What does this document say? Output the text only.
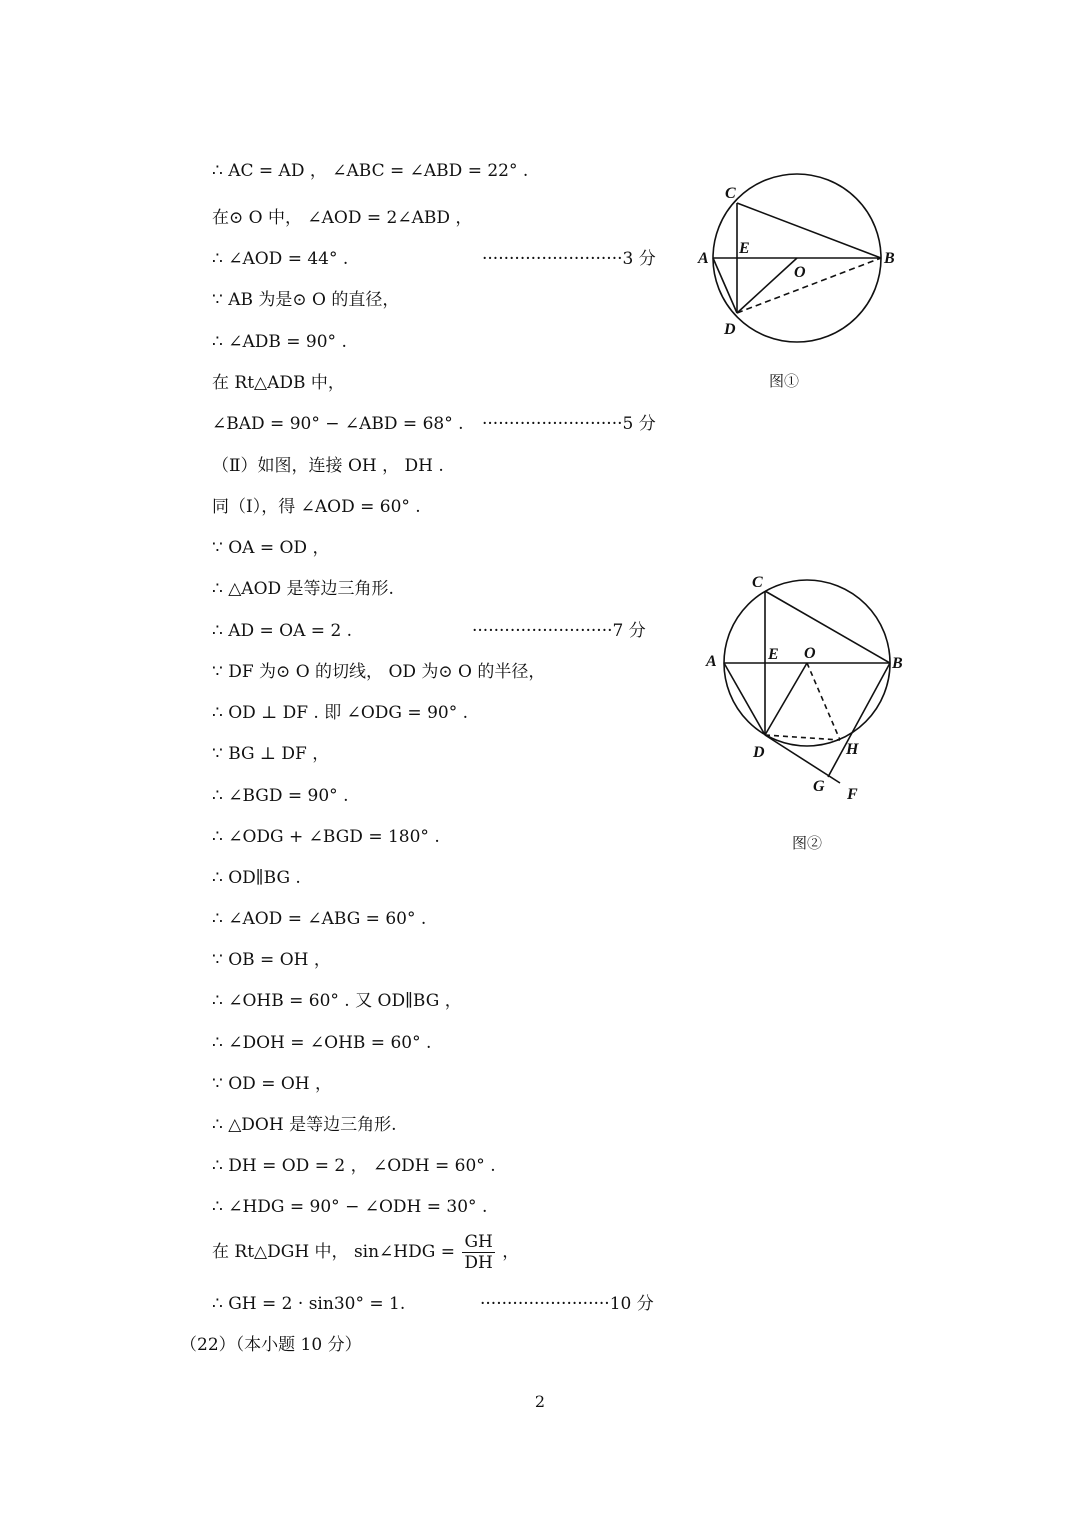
∴ AC = AD ， ∠ABC = ∠ABD = 22° .
在⊙ O 中， ∠AOD = 2∠ABD ，
∴ ∠AOD = 44° .
∵ AB 为是⊙ O 的直径，
∴ ∠ADB = 90° .
在 Rt△ADB 中，
∠BAD = 90° − ∠ABD = 68° .
（Ⅱ）如图，连接 OH ， DH .
同（Ⅰ），得 ∠AOD = 60° .
∵ OA = OD ，
∴ △AOD 是等边三角形.
∴ AD = OA = 2 .
∵ DF 为⊙ O 的切线， OD 为⊙ O 的半径，
∴ OD ⊥ DF . 即 ∠ODG = 90° .
∵ BG ⊥ DF ，
∴ ∠BGD = 90° .
∴ ∠ODG + ∠BGD = 180° .
∴ OD∥BG .
∴ ∠AOD = ∠ABG = 60° .
∵ OB = OH ，
∴ ∠OHB = 60° . 又 OD∥BG ，
∴ ∠DOH = ∠OHB = 60° .
∵ OD = OH ，
∴ △DOH 是等边三角形.
∴ DH = OD = 2 ， ∠ODH = 60° .
∴ ∠HDG = 90° − ∠ODH = 30° .
在 Rt△DGH 中， sin∠HDG = $\frac{GH}{DH}$ ，
∴ GH = 2 · sin30° = 1.
··························3 分
··························5 分
··························7 分
························10 分
（22）（本小题 10 分）
2
C
A
E
O
B
D
图①
C
A	E O
B
D	H
G F
图②
